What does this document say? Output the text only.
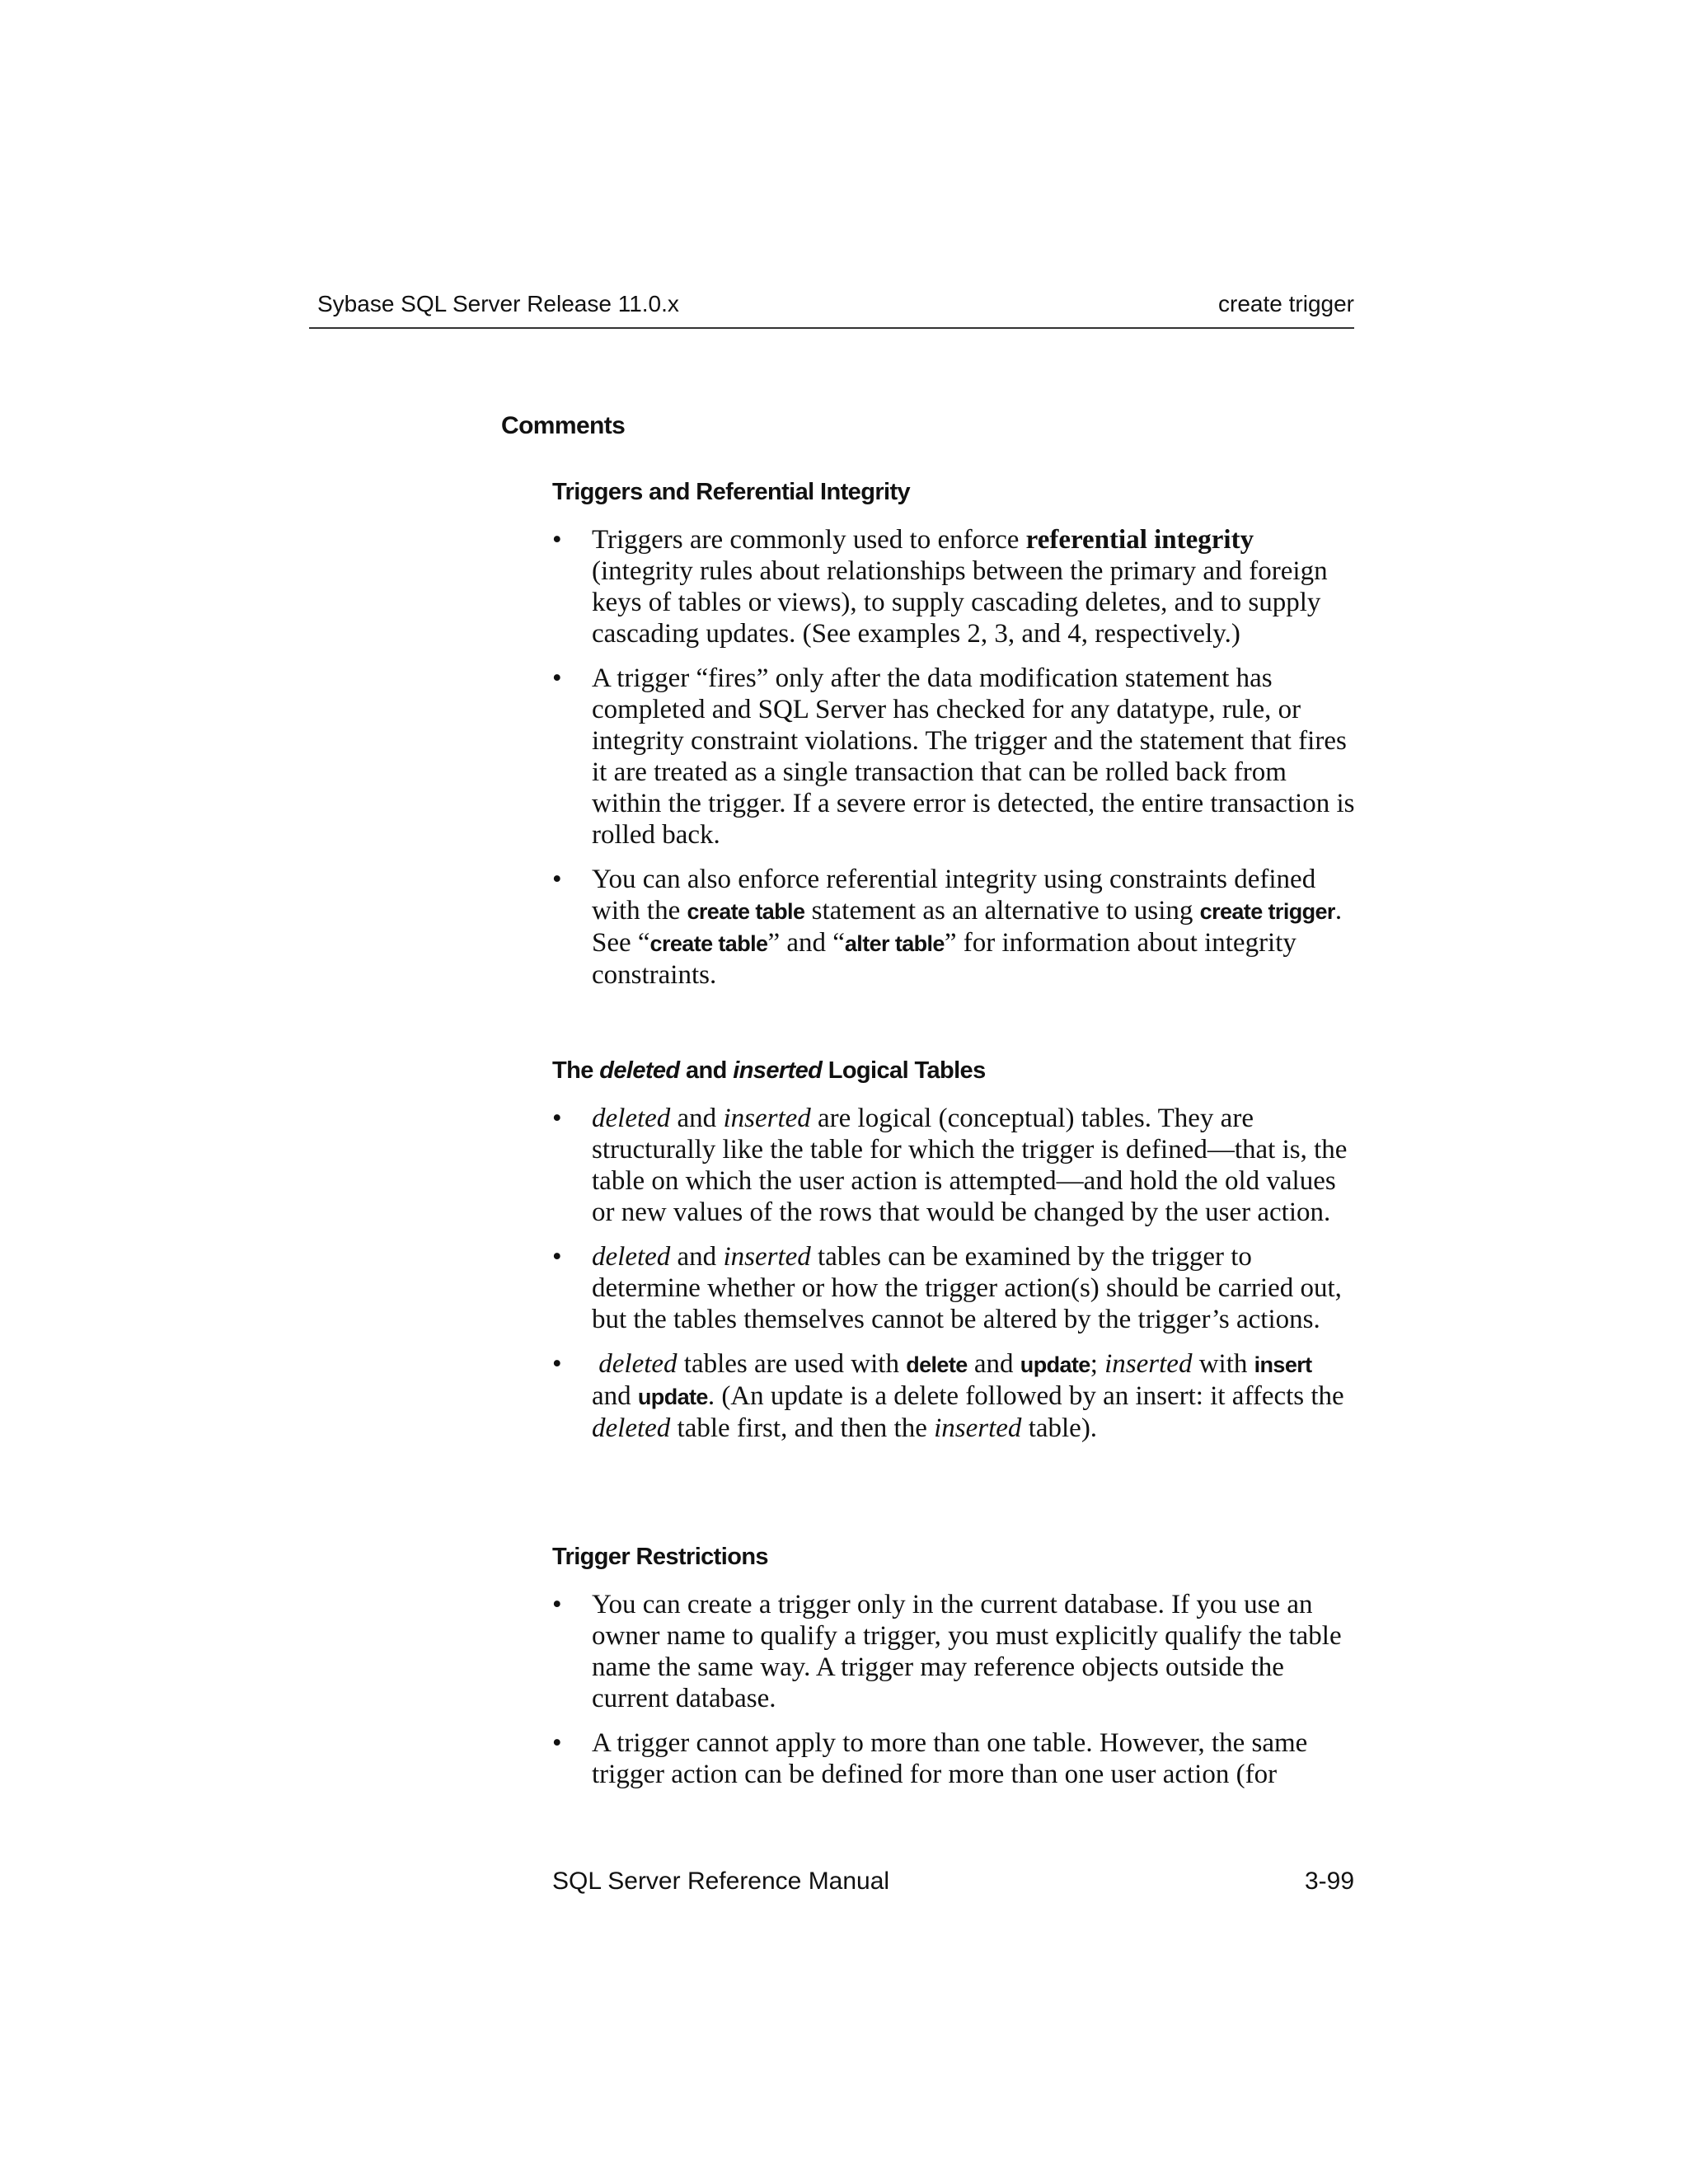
Sybase SQL Server Release 11.0.x	create trigger
Comments
Triggers and Referential Integrity
• Triggers are commonly used to enforce referential integrity (integrity rules about relationships between the primary and foreign keys of tables or views), to supply cascading deletes, and to supply cascading updates. (See examples 2, 3, and 4, respectively.)
• A trigger “fires” only after the data modification statement has completed and SQL Server has checked for any datatype, rule, or integrity constraint violations. The trigger and the statement that fires it are treated as a single transaction that can be rolled back from within the trigger. If a severe error is detected, the entire transaction is rolled back.
• You can also enforce referential integrity using constraints defined with the create table statement as an alternative to using create trigger. See “create table” and “alter table” for information about integrity constraints.
The deleted and inserted Logical Tables
• deleted and inserted are logical (conceptual) tables. They are structurally like the table for which the trigger is defined—that is, the table on which the user action is attempted—and hold the old values or new values of the rows that would be changed by the user action.
• deleted and inserted tables can be examined by the trigger to determine whether or how the trigger action(s) should be carried out, but the tables themselves cannot be altered by the trigger’s actions.
• deleted tables are used with delete and update; inserted with insert and update. (An update is a delete followed by an insert: it affects the deleted table first, and then the inserted table).
Trigger Restrictions
• You can create a trigger only in the current database. If you use an owner name to qualify a trigger, you must explicitly qualify the table name the same way. A trigger may reference objects outside the current database.
• A trigger cannot apply to more than one table. However, the same trigger action can be defined for more than one user action (for
SQL Server Reference Manual	3-99
